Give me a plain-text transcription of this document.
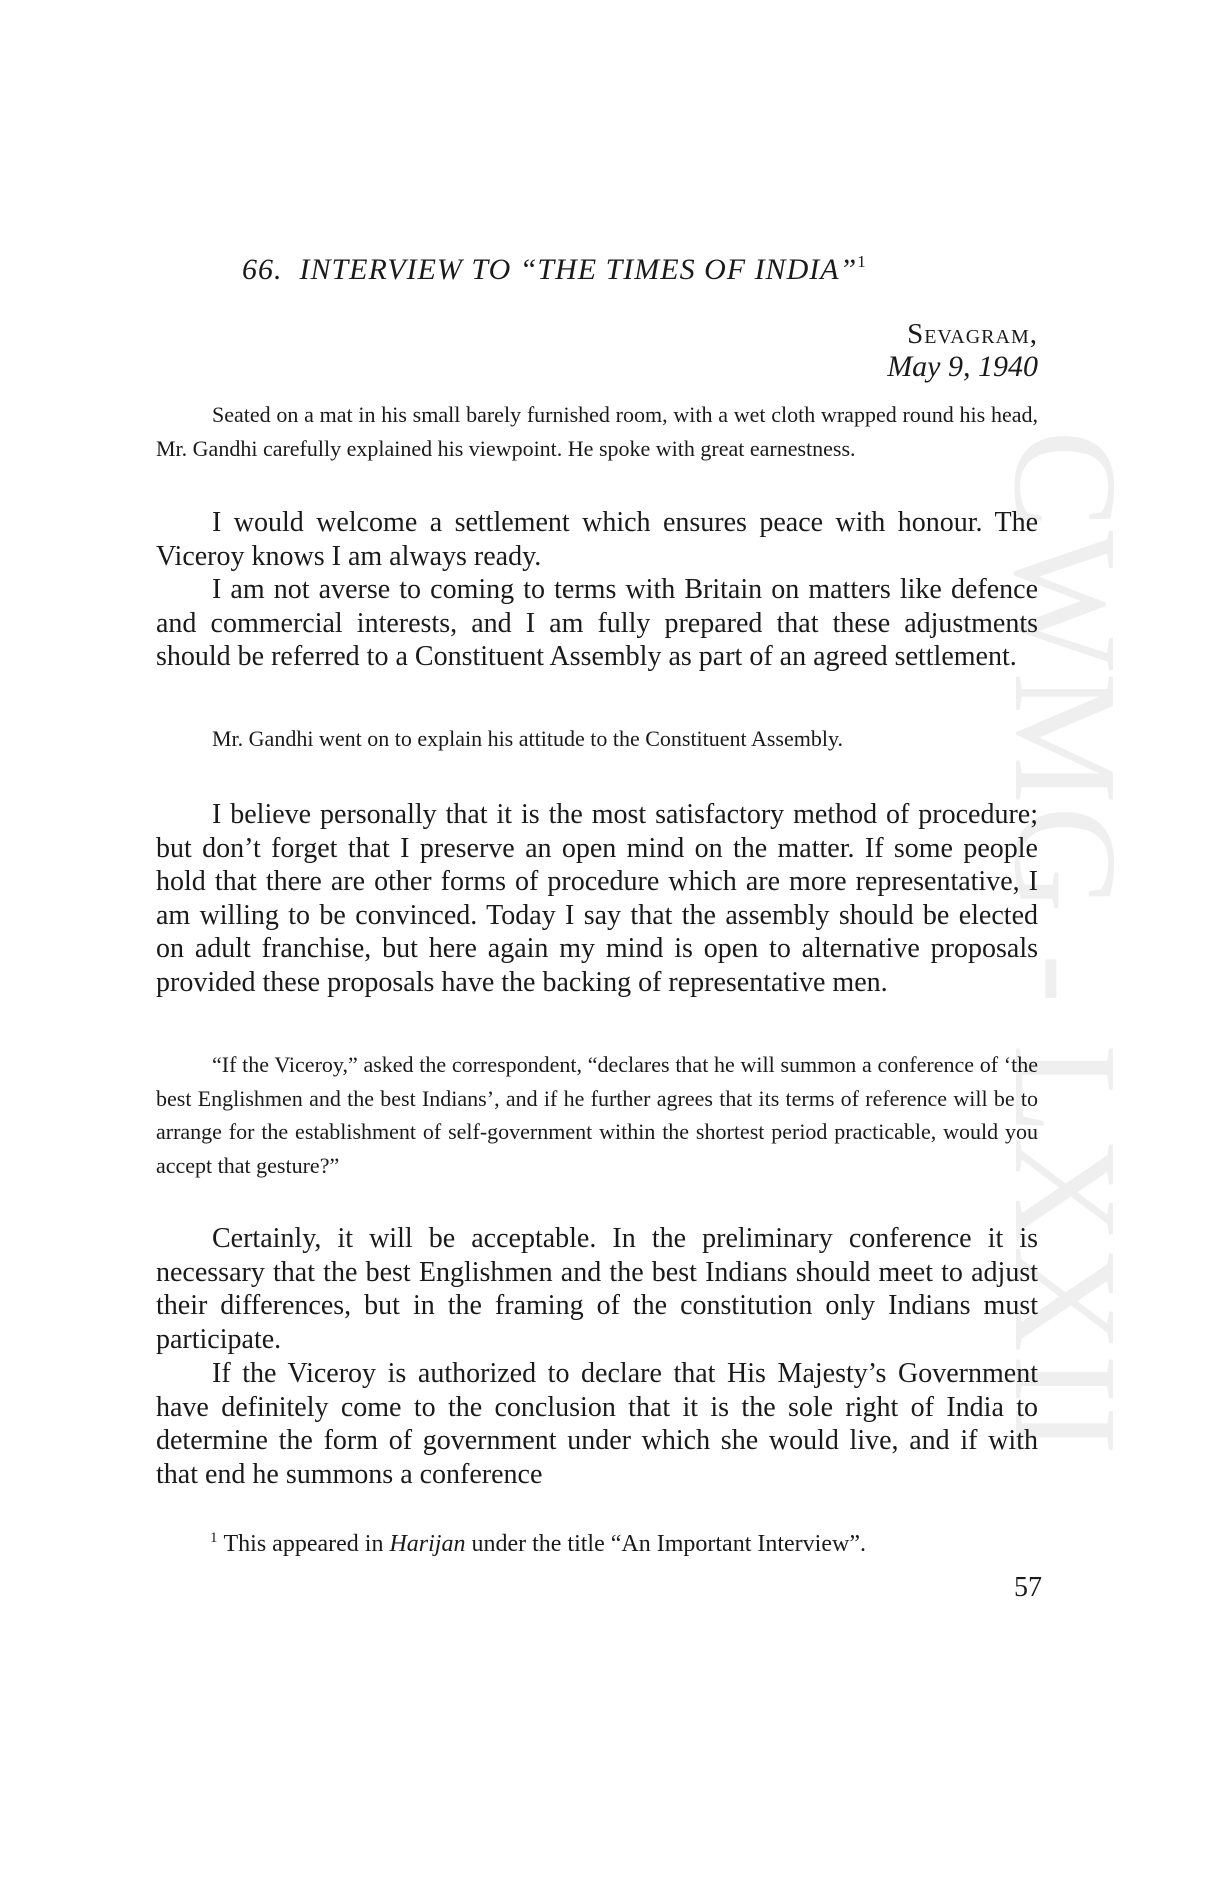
CWMG - LXXII
66. INTERVIEW TO “THE TIMES OF INDIA”$^1$
Sevagram,
May 9, 1940

Seated on a mat in his small barely furnished room, with a wet cloth wrapped round his head, Mr. Gandhi carefully explained his viewpoint. He spoke with great earnestness.

I would welcome a settlement which ensures peace with honour. The Viceroy knows I am always ready.

I am not averse to coming to terms with Britain on matters like defence and commercial interests, and I am fully prepared that these adjustments should be referred to a Constituent Assembly as part of an agreed settlement.

Mr. Gandhi went on to explain his attitude to the Constituent Assembly.

I believe personally that it is the most satisfactory method of procedure; but don’t forget that I preserve an open mind on the matter. If some people hold that there are other forms of procedure which are more representative, I am willing to be convinced. Today I say that the assembly should be elected on adult franchise, but here again my mind is open to alternative proposals provided these proposals have the backing of representative men.

“If the Viceroy,” asked the correspondent, “declares that he will summon a conference of ‘the best Englishmen and the best Indians’, and if he further agrees that its terms of reference will be to arrange for the establishment of self-government within the shortest period practicable, would you accept that gesture?”

Certainly, it will be acceptable. In the preliminary conference it is necessary that the best Englishmen and the best Indians should meet to adjust their differences, but in the framing of the constitution only Indians must participate.

If the Viceroy is authorized to declare that His Majesty’s Government have definitely come to the conclusion that it is the sole right of India to determine the form of government under which she would live, and if with that end he summons a conference

$^1$ This appeared in Harijan under the title “An Important Interview”.
57
